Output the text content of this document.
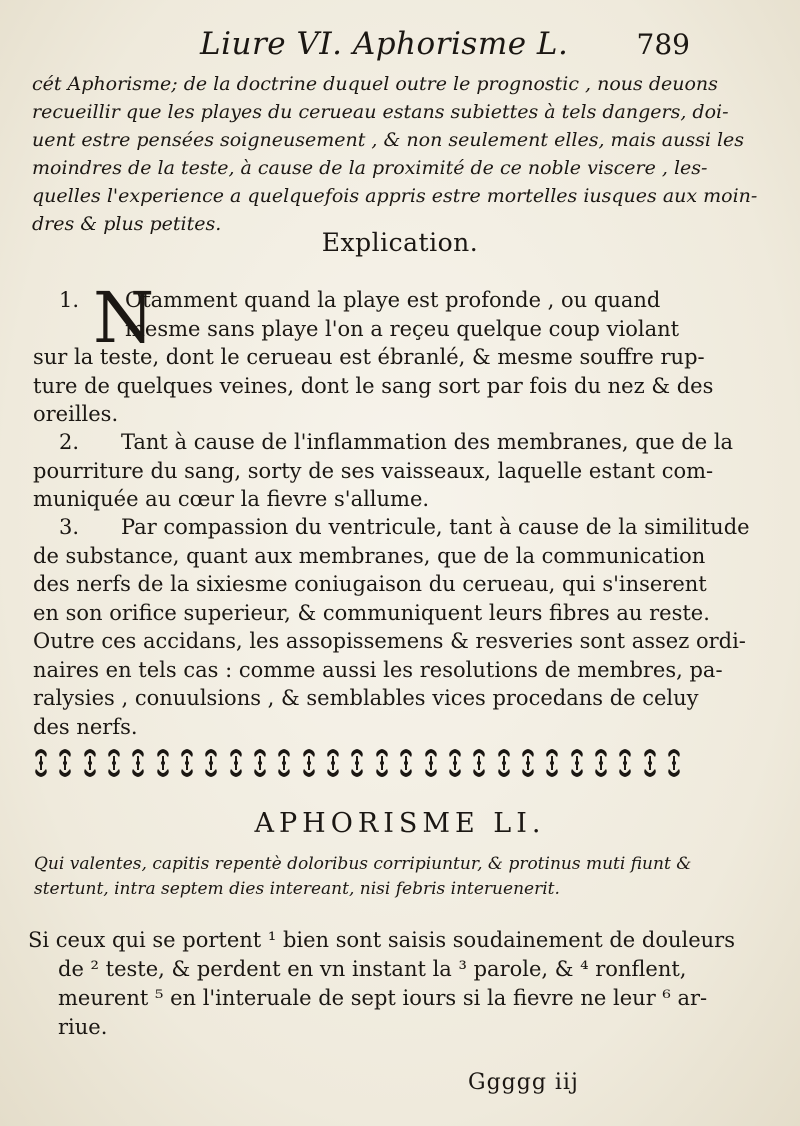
Liure VI. Aphorisme L. 789
cét Aphorisme; de la doctrine duquel outre le prognostic , nous deuons
recueillir que les playes du cerueau estans subiettes à tels dangers, doi-
uent estre pensées soigneusement , & non seulement elles, mais aussi les
moindres de la teste, à cause de la proximité de ce noble viscere , les-
quelles l'experience a quelquefois appris estre mortelles iusques aux moin-
dres & plus petites.
Explication.
N
1. Otamment quand la playe est profonde , ou quand
mesme sans playe l'on a reçeu quelque coup violant
sur la teste, dont le cerueau est ébranlé, & mesme souffre rup-
ture de quelques veines, dont le sang sort par fois du nez & des
oreilles.
2. Tant à cause de l'inflammation des membranes, que de la
pourriture du sang, sorty de ses vaisseaux, laquelle estant com-
muniquée au cœur la fievre s'allume.
3. Par compassion du ventricule, tant à cause de la similitude
de substance, quant aux membranes, que de la communication
des nerfs de la sixiesme coniugaison du cerueau, qui s'inserent
en son orifice superieur, & communiquent leurs fibres au reste.
Outre ces accidans, les assopissemens & resveries sont assez ordi-
naires en tels cas : comme aussi les resolutions de membres, pa-
ralysies , conuulsions , & semblables vices procedans de celuy
des nerfs.
APHORISME LI.
Qui valentes, capitis repentè doloribus corripiuntur, & protinus muti fiunt &
stertunt, intra septem dies intereant, nisi febris interuenerit.
Si ceux qui se portent ¹ bien sont saisis soudainement de douleurs
de ² teste, & perdent en vn instant la ³ parole, & ⁴ ronflent,
meurent ⁵ en l'interuale de sept iours si la fievre ne leur ⁶ ar-
riue.
Ggggg iij
